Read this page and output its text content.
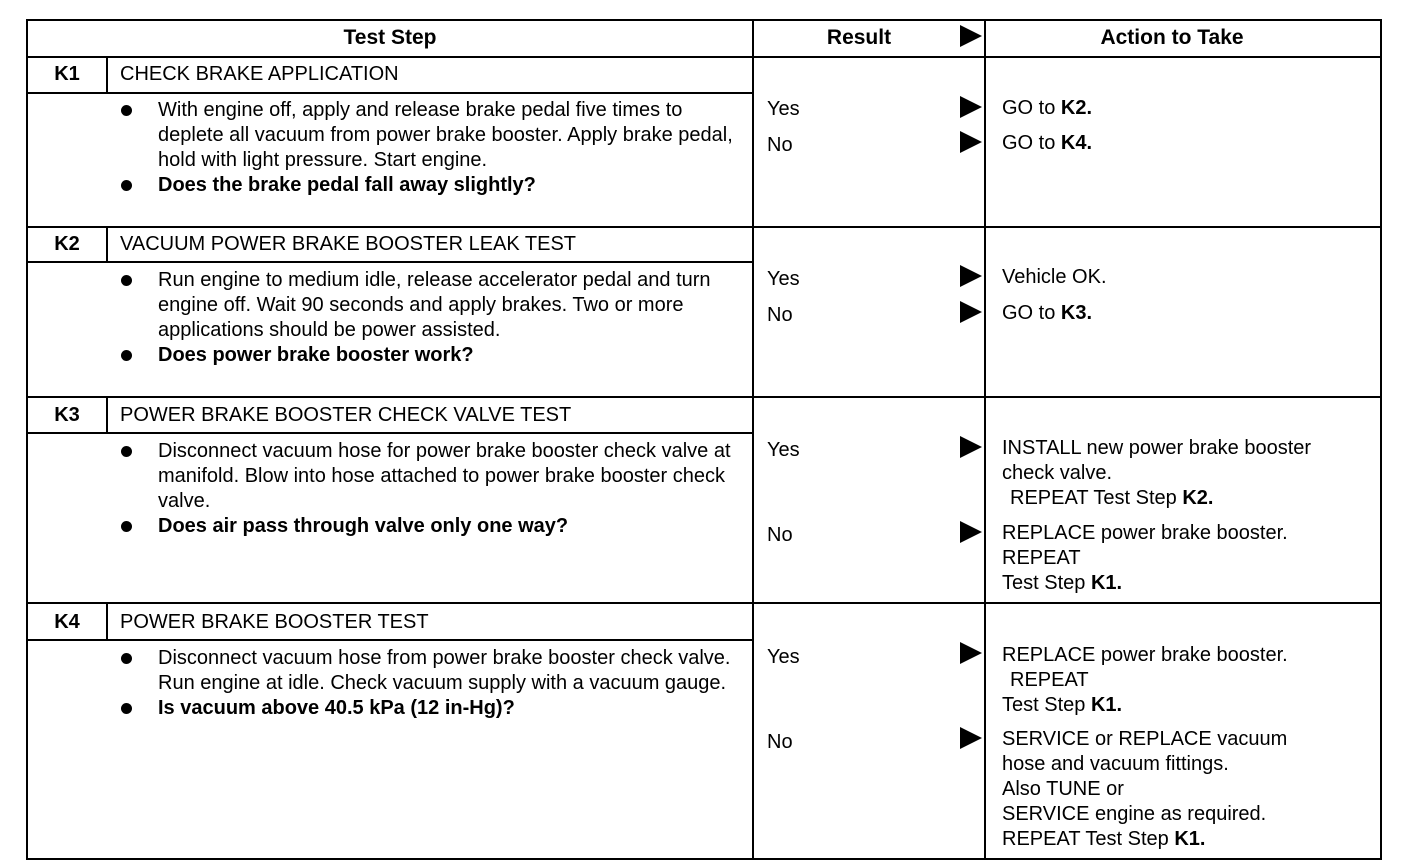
Test Step	Result	Action to Take
K1	CHECK BRAKE APPLICATION
With engine off, apply and release brake pedal five times to deplete all vacuum from power brake booster. Apply brake pedal, hold with light pressure. Start engine.
Does the brake pedal fall away slightly?
Yes	GO to K2.
No	GO to K4.
K2	VACUUM POWER BRAKE BOOSTER LEAK TEST
Run engine to medium idle, release accelerator pedal and turn engine off. Wait 90 seconds and apply brakes. Two or more applications should be power assisted.
Does power brake booster work?
Yes	Vehicle OK.
No	GO to K3.
K3	POWER BRAKE BOOSTER CHECK VALVE TEST
Disconnect vacuum hose for power brake booster check valve at manifold. Blow into hose attached to power brake booster check valve.
Does air pass through valve only one way?
Yes	INSTALL new power brake booster
check valve.
REPEAT Test Step K2.
No	REPLACE power brake booster.
REPEAT
Test Step K1.
K4	POWER BRAKE BOOSTER TEST
Disconnect vacuum hose from power brake booster check valve. Run engine at idle. Check vacuum supply with a vacuum gauge.
Is vacuum above 40.5 kPa (12 in-Hg)?
Yes	REPLACE power brake booster.
REPEAT
Test Step K1.
No	SERVICE or REPLACE vacuum
hose and vacuum fittings.
Also TUNE or
SERVICE engine as required.
REPEAT Test Step K1.
